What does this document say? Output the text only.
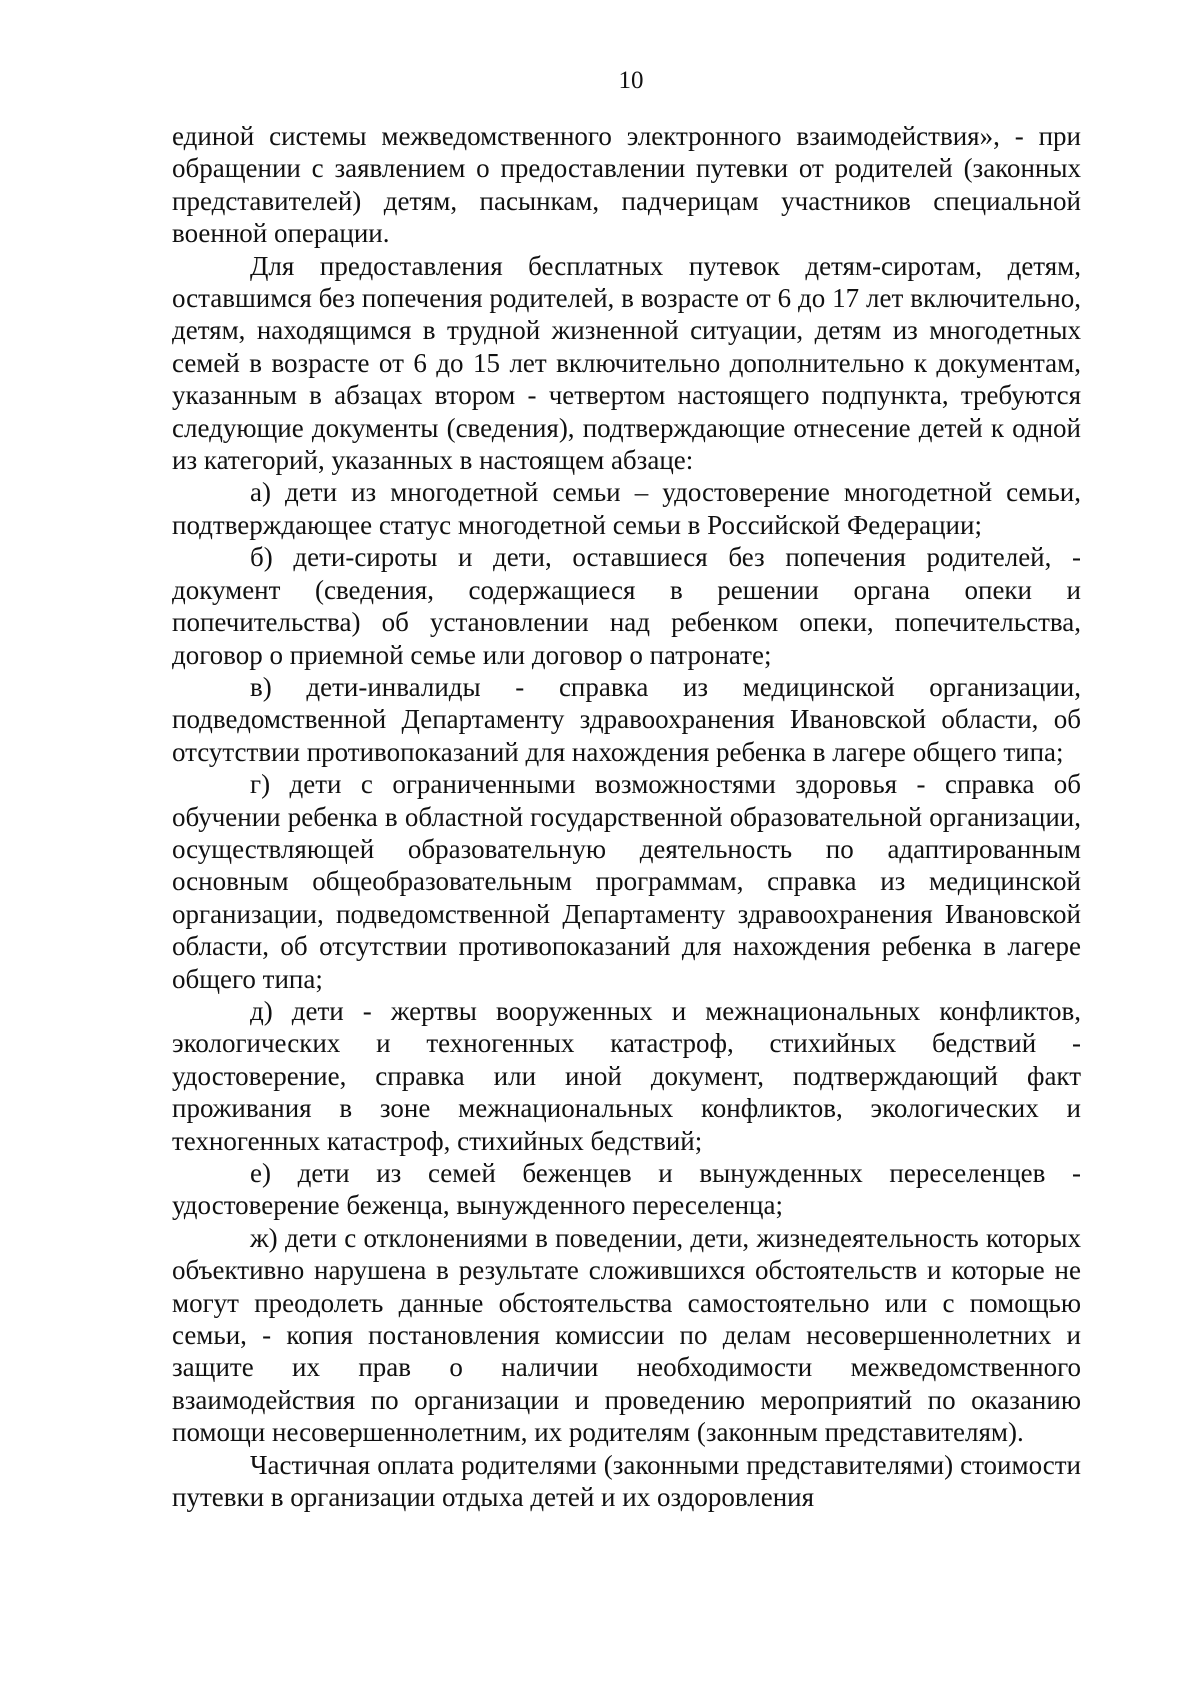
10

единой системы межведомственного электронного взаимодействия», - при обращении с заявлением о предоставлении путевки от родителей (законных представителей) детям, пасынкам, падчерицам участников специальной военной операции.

Для предоставления бесплатных путевок детям-сиротам, детям, оставшимся без попечения родителей, в возрасте от 6 до 17 лет включительно, детям, находящимся в трудной жизненной ситуации, детям из многодетных семей в возрасте от 6 до 15 лет включительно дополнительно к документам, указанным в абзацах втором - четвертом настоящего подпункта, требуются следующие документы (сведения), подтверждающие отнесение детей к одной из категорий, указанных в настоящем абзаце:

а) дети из многодетной семьи – удостоверение многодетной семьи, подтверждающее статус многодетной семьи в Российской Федерации;

б) дети-сироты и дети, оставшиеся без попечения родителей, - документ (сведения, содержащиеся в решении органа опеки и попечительства) об установлении над ребенком опеки, попечительства, договор о приемной семье или договор о патронате;

в) дети-инвалиды - справка из медицинской организации, подведомственной Департаменту здравоохранения Ивановской области, об отсутствии противопоказаний для нахождения ребенка в лагере общего типа;

г) дети с ограниченными возможностями здоровья - справка об обучении ребенка в областной государственной образовательной организации, осуществляющей образовательную деятельность по адаптированным основным общеобразовательным программам, справка из медицинской организации, подведомственной Департаменту здравоохранения Ивановской области, об отсутствии противопоказаний для нахождения ребенка в лагере общего типа;

д) дети - жертвы вооруженных и межнациональных конфликтов, экологических и техногенных катастроф, стихийных бедствий - удостоверение, справка или иной документ, подтверждающий факт проживания в зоне межнациональных конфликтов, экологических и техногенных катастроф, стихийных бедствий;

е) дети из семей беженцев и вынужденных переселенцев - удостоверение беженца, вынужденного переселенца;

ж) дети с отклонениями в поведении, дети, жизнедеятельность которых объективно нарушена в результате сложившихся обстоятельств и которые не могут преодолеть данные обстоятельства самостоятельно или с помощью семьи, - копия постановления комиссии по делам несовершеннолетних и защите их прав о наличии необходимости межведомственного взаимодействия по организации и проведению мероприятий по оказанию помощи несовершеннолетним, их родителям (законным представителям).

Частичная оплата родителями (законными представителями) стоимости путевки в организации отдыха детей и их оздоровления
